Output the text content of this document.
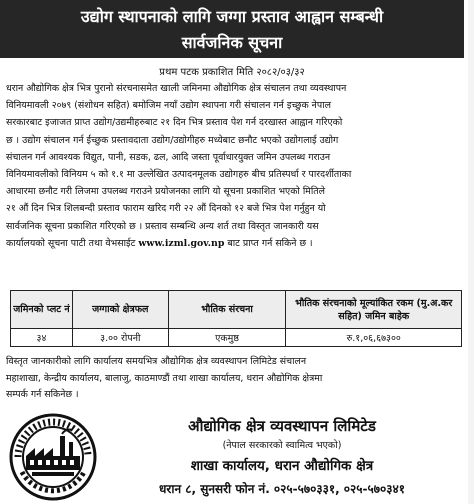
उद्योग स्थापनाको लागि जग्गा प्रस्ताव आह्वान सम्बन्धी
सार्वजनिक सूचना
प्रथम पटक प्रकाशित मिति २०८२/०३/३२
धरान औद्योगिक क्षेत्र भित्र पुरानो संरचनासमेत खाली जमिनमा औद्योगिक क्षेत्र संचालन तथा व्यवस्थापन
विनियमावली २०७९ (संशोधन सहित) बमोजिम नयाँ उद्योग स्थापना गरी संचालन गर्न इच्छुक नेपाल
सरकारबाट इजाजत प्राप्त उद्योग/उद्यमीहरुबाट २१ दिन भित्र प्रस्ताव पेश गर्न दरखास्त आह्वान गरिएको
छ । उद्योग संचालन गर्न ईच्छुक प्रस्तावदाता उद्योग/उद्योगीहरु मध्येबाट छनौट भएको उद्योगलाई उद्योग
संचालन गर्न आवश्यक विद्युत, पानी, सडक, ढल, आदि जस्ता पूर्वाधारयुक्त जमिन उपलब्ध गराउन
विनियमावलीको विनियम ५ को १.१ मा उल्लेखित उत्पादनमूलक उद्योगहरु बीच प्रतिस्पर्धा र पारदर्शीताका
आधारमा छनौट गरी लिजमा उपलब्ध गराउने प्रयोजनका लागि यो सूचना प्रकाशित भएको मितिले
२१ औं दिन भित्र शिलबन्दी प्रस्ताव फाराम खरिद गरी २२ औं दिनको १२ बजे भित्र पेश गर्नुहुन यो
सार्वजनिक सूचना प्रकाशित गरिएको छ । प्रस्ताव सम्बन्धि अन्य शर्त तथा विस्तृत जानकारी यस
कार्यालयको सूचना पाटी तथा वेभसाईट www.izml.gov.np बाट प्राप्त गर्न सकिने छ ।
जमिनको प्लट नं	जग्गाको क्षेत्रफल	भौतिक संरचना	भौतिक संरचनाको मूल्यांकित रकम (मु.अ.कर सहित) जमिन बाहेक
३४	३.०० रोपनी	एकमुष्ठ	रु.१,०६,६७३००
विस्तृत जानकारीको लागि कार्यालय समयभित्र औद्योगिक क्षेत्र व्यवस्थापन लिमिटेड संचालन
महाशाखा, केन्द्रीय कार्यालय, बालाजु, काठमाण्डौं तथा शाखा कार्यालय, धरान औद्योगिक क्षेत्रमा
सम्पर्क गर्न सकिनेछ ।
औद्योगिक क्षेत्र व्यवस्थापन लिमिटेड
(नेपाल सरकारको स्वामित्व भएको)
शाखा कार्यालय, धरान औद्योगिक क्षेत्र
धरान ८, सुनसरी फोन नं. ०२५-५७०३३१, ०२५-५७०३४१
